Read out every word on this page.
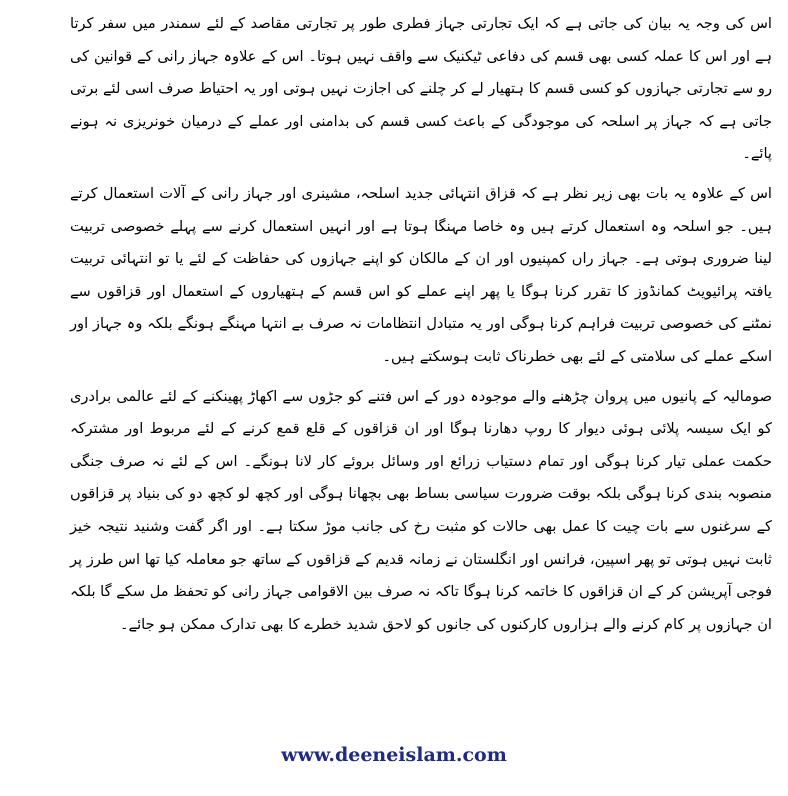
اس کی وجہ یہ بیان کی جاتی ہے کہ ایک تجارتی جہاز فطری طور پر تجارتی مقاصد کے لئے سمندر میں سفر کرتا ہے اور اس کا عملہ کسی بھی قسم کی دفاعی ٹیکنیک سے واقف نہیں ہوتا۔ اس کے علاوہ جہاز رانی کے قوانین کی رو سے تجارتی جہازوں کو کسی قسم کا ہتھیار لے کر چلنے کی اجازت نہیں ہوتی اور یہ احتیاط صرف اسی لئے برتی جاتی ہے کہ جہاز پر اسلحہ کی موجودگی کے باعث کسی قسم کی بدامنی اور عملے کے درمیان خونریزی نہ ہونے پائے۔

اس کے علاوہ یہ بات بھی زیر نظر ہے کہ قزاق انتہائی جدید اسلحہ، مشینری اور جہاز رانی کے آلات استعمال کرتے ہیں۔ جو اسلحہ وہ استعمال کرتے ہیں وہ خاصا مہنگا ہوتا ہے اور انہیں استعمال کرنے سے پہلے خصوصی تربیت لینا ضروری ہوتی ہے۔ جہاز راں کمپنیوں اور ان کے مالکان کو اپنے جہازوں کی حفاظت کے لئے یا تو انتہائی تربیت یافتہ پرائیویٹ کمانڈوز کا تقرر کرنا ہوگا یا پھر اپنے عملے کو اس قسم کے ہتھیاروں کے استعمال اور قزاقوں سے نمٹنے کی خصوصی تربیت فراہم کرنا ہوگی اور یہ متبادل انتظامات نہ صرف بے انتہا مہنگے ہونگے بلکہ وہ جہاز اور اسکے عملے کی سلامتی کے لئے بھی خطرناک ثابت ہوسکتے ہیں۔

صومالیہ کے پانیوں میں پروان چڑھنے والے موجودہ دور کے اس فتنے کو جڑوں سے اکھاڑ پھینکنے کے لئے عالمی برادری کو ایک سیسہ پلائی ہوئی دیوار کا روپ دھارنا ہوگا اور ان قزاقوں کے قلع قمع کرنے کے لئے مربوط اور مشترکہ حکمت عملی تیار کرنا ہوگی اور تمام دستیاب زرائع اور وسائل بروئے کار لانا ہونگے۔ اس کے لئے نہ صرف جنگی منصوبہ بندی کرنا ہوگی بلکہ بوقت ضرورت سیاسی بساط بھی بچھانا ہوگی اور کچھ لو کچھ دو کی بنیاد پر قزاقوں کے سرغنوں سے بات چیت کا عمل بھی حالات کو مثبت رخ کی جانب موڑ سکتا ہے۔ اور اگر گفت وشنید نتیجہ خیز ثابت نہیں ہوتی تو پھر اسپین، فرانس اور انگلستان نے زمانہ قدیم کے قزاقوں کے ساتھ جو معاملہ کیا تھا اس طرز پر فوجی آپریشن کر کے ان قزاقوں کا خاتمہ کرنا ہوگا تاکہ نہ صرف بین الاقوامی جہاز رانی کو تحفظ مل سکے گا بلکہ ان جہازوں پر کام کرنے والے ہزاروں کارکنوں کی جانوں کو لاحق شدید خطرے کا بھی تدارک ممکن ہو جائے۔

www.deeneislam.com
